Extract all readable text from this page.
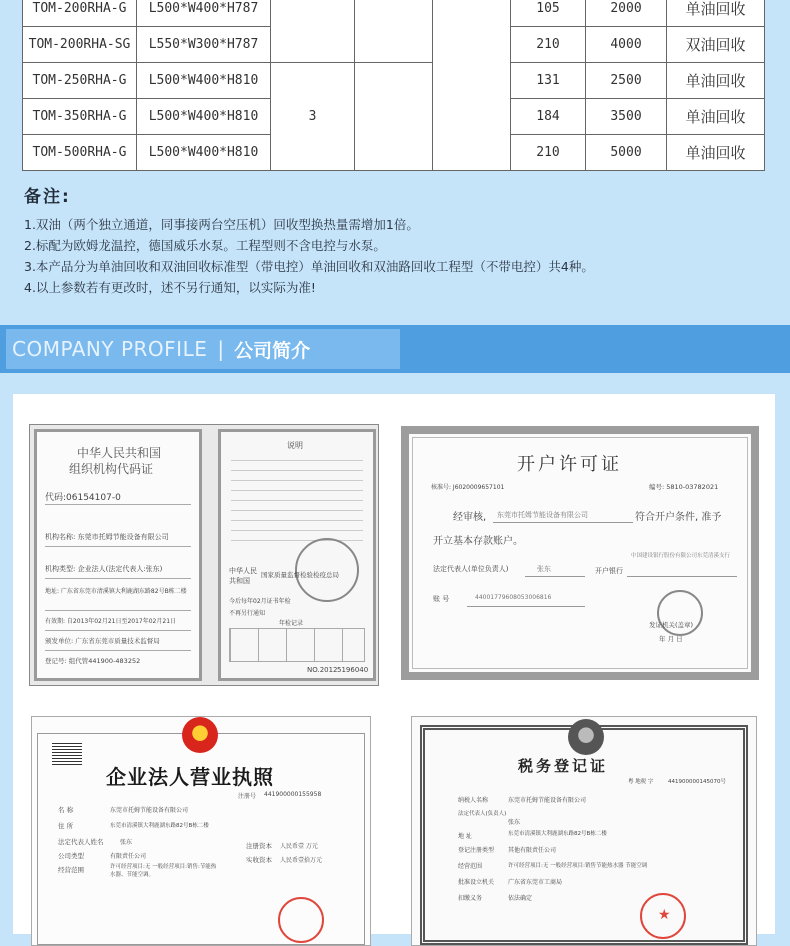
TOM-200RHA-G	L500*W400*H787				105	2000	单油回收
TOM-200RHA-SG	L550*W300*H787				210	4000	双油回收
TOM-250RHA-G	L500*W400*H810	3			131	2500	单油回收
TOM-350RHA-G	L500*W400*H810				184	3500	单油回收
TOM-500RHA-G	L500*W400*H810				210	5000	单油回收
备注:
1.双油（两个独立通道，同事接两台空压机）回收型换热量需增加1倍。
2.标配为欧姆龙温控，德国威乐水泵。工程型则不含电控与水泵。
3.本产品分为单油回收和双油回收标准型（带电控）单油回收和双油路回收工程型（不带电控）共4种。
4.以上参数若有更改时，述不另行通知，以实际为准!
COMPANY PROFILE | 公司简介
中华人民共和国
组织机构代码证
代码:06154107-0
机构名称: 东莞市托姆节能设备有限公司
机构类型: 企业法人(法定代表人:张东)
地址: 广东省东莞市清溪镇大利鹿湖东路82号B栋二楼
有效期: 自2013年02月21日至2017年02月21日
颁发单位: 广东省东莞市质量技术监督局
登记号: 组代管441900-483252
说明
中华人民共和国
国家质量监督检验检疫总局
今后每年02月证书年检
不再另行通知
年检记录
NO.2012 5196040
开户许可证
核准号: J6020009657101	编号: 5810-03782021
经审核, 东莞市托姆节能设备有限公司	符合开户条件, 准予
开立基本存款账户。
法定代表人(单位负责人)	张东	开户银行
中国建设银行股份有限公司东莞清溪支行
账 号	44001779608053006816
发证机关(盖章)
年 月 日
企业法人营业执照
注册号 441900000155958
名 称	东莞市托姆节能设备有限公司
住 所	东莞市清溪镇大利鹿湖东路82号B栋二楼
法定代表人姓名	张东
公司类型	有限责任公司
经营范围	许可经营项目:无 一般经营项目:销售:节能热水器、节能空调。
注册资本 人民币壹 万元
实收资本 人民币壹拾万元
税务登记证
粤 地税 字	441900000145070号
纳税人名称	东莞市托姆节能设备有限公司
法定代表人(负责人)
张东
地 址	东莞市清溪镇大利鹿湖东路82号B栋二楼
登记注册类型 其他有限责任公司
经营范围	许可经营项目:无 一般经营项目:销售节能热水器 节能空调
批准设立机关 广东省东莞市工商局
扣缴义务	依法确定
★
